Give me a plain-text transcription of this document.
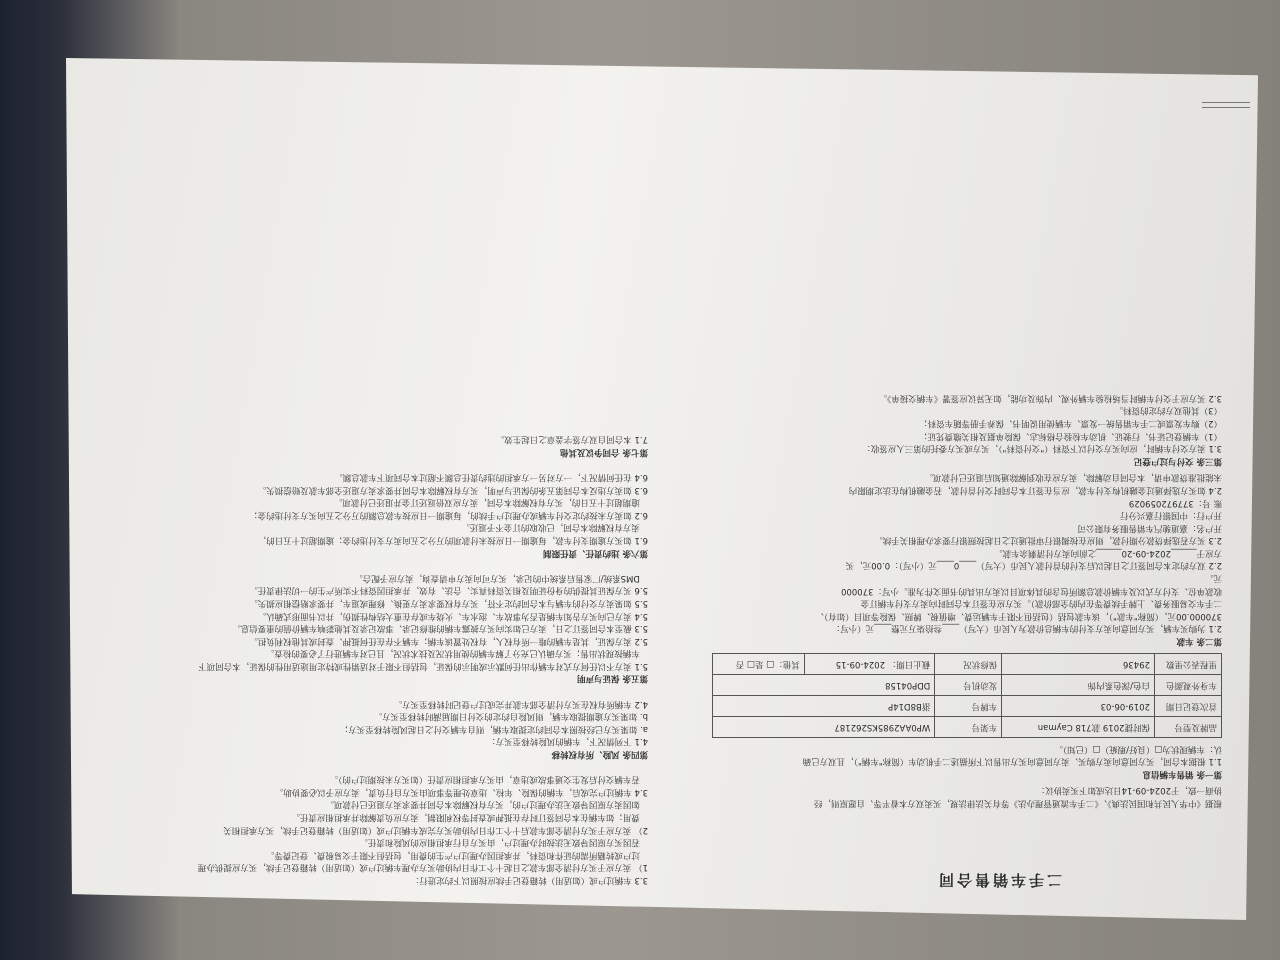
二手车销售合同

根据《中华人民共和国民法典》、《二手车流通管理办法》等有关法律法规，买卖双方本着平等、自愿原则，经
协商一致，于2024-09-14日达成如下买卖协议：
第一条 销售车辆信息
1.1 根据本合同，买方同意向卖方购买、卖方同意向买方出售以下所描述二手机动车（简称"车辆"），且双方已确
认：车辆现状为□（良好/瑕疵）□（已知）。
品牌及型号	保时捷2019 款718 Cayman	车架号	WP0AA2985KS262187	
首次登记日期	2019-06-03	车牌号	浙B8D14P	
车身外观颜色	白色/深色系内饰	发动机号	DDP04158	
里程表公里数	29436	保修状况	截止日期： 2024-09-15	其他：□ 是□ 否
第二条 车款
2.1 为购买车辆，买方同意向卖方支付的车辆总价款为人民币（大写）____叁拾柒万元整____元（小写：
370000.00元，（简称"车款"），该车款包括（包括但不限于车辆运费、增值税、牌照、保险等项目（如有）、
二手车交易服务费、上牌手续费等在内的全部价款）。买方应在签订本合同时向卖方支付车辆订金
收款单位、支付方式以及车辆价款总额所包含的具体项目以卖方出具的书面文件为准。小写：370000
元。
2.2 双方约定本合同签订之日起以后支付的首付款人民币（大写）____0____元（小写）：0.00元，买
方应于______2024-09-20______之前向卖方付清剩余车款。
2.3 买方若选择贷款分期付款，则应在按揭银行审批通过之日起按照银行要求办理相关手续。
开户名：嘉道驰汽车销售服务有限公司
开户行：中国银行嘉兴分行
账 号：377972059029
2.4 如买方选择通过金融机构支付车款，应当在签订本合同时交付首付款，若金融机构在法定期限内
未能批准贷款申请，本合同自动解除，卖方应在收到解除通知后退还已付款项。
第三条 交付与过户登记
3.1 卖方交付车辆时，应向买方交付以下资料（"交付资料"），买方或买方委托的第三人应签收：
（1）车辆登记证书、行驶证、机动车检验合格标志、保险单据及相关缴费凭证；
（2）购车发票或二手车销售统一发票、车辆使用说明书、保养手册等随车资料；
（3）其他双方约定的资料。
3.2 买方应于交付车辆时当场检验车辆外观、内饰及功能，如无异议应签署《车辆交接单》。
3.3 车辆过户或（如适用）转籍登记手续应按照以下约定进行：
1） 卖方应于买方付清全部车款之日起十个工作日内协助买方办理车辆过户或（如适用）转籍登记手续，买方应提供办理
过户或转籍所需的证件和资料，并承担因办理过户产生的费用，包括但不限于交易税费、登记费等。
若因买方原因导致无法按时办理过户，由买方自行承担相应的风险和责任。
2） 卖方应于买方付清全部车款后十个工作日内协助买方完成车辆过户或（如适用）转籍登记手续，买方承担相关
费用；如车辆在本合同签订时存在抵押或查封等权利限制，卖方应负责解除并承担相应责任。
如因卖方原因导致无法办理过户的，买方有权解除本合同并要求卖方退还已付款项。
3.4 车辆过户完成后，车辆的保险、年检、违章处理等事项由买方自行负责，卖方应予以必要协助。
若车辆交付后发生交通事故或违章，由买方承担相应责任（如买方未按期过户的）。
第四条 风险、所有权转移
4.1 下列情况下，车辆的风险转移至买方：
a. 如果买方已经按照本合同约定提取车辆，则自车辆交付之日起风险转移至买方；
b. 如果买方逾期提取车辆，则风险自约定的交付日期届满时转移至买方。
4.2 车辆所有权在买方付清全部车款并完成过户登记时转移至买方。
第五条 保证与声明
5.1 卖方不以任何方式对车辆作出任何默示或明示的保证，包括但不限于对适销性或特定用途适用性的保证，本合同项下
车辆按现状出售；买方确认已充分了解车辆的使用状况及技术状况，且已对车辆进行了必要的检查。
5.2 卖方保证，其是车辆的唯一所有权人，有权处置该车辆；车辆不存在任何抵押、查封或其他权利负担。
5.3 截至本合同签订之日，卖方已如实向买方披露车辆的维修记录、事故记录及其他影响车辆价值的重要信息。
5.4 卖方已向买方告知车辆是否为事故车、泡水车、火烧车或存在重大结构性损伤，并以书面形式确认。
5.5 如果卖方交付的车辆与本合同约定不符，买方有权要求卖方更换、修理或退车，并要求赔偿相应损失。
5.6 买方保证其提供的身份证明及相关资料真实、合法、有效，并承担因资料不实所产生的一切法律责任。
DMS系统/厂家售后系统中的记录，买方可向卖方申请查询，卖方应予配合。
第六条 违约责任、责任限制
6.1 如买方逾期支付车款，每逾期一日应按未付款项的万分之五向卖方支付违约金；逾期超过十五日的，
卖方有权解除本合同，已收取的订金不予退还。
6.2 如卖方未按约定交付车辆或办理过户手续的，每逾期一日应按车款总额的万分之五向买方支付违约金；
逾期超过十五日的，买方有权解除本合同，卖方应双倍返还订金并退还已付款项。
6.3 如卖方违反本合同第五条的保证与声明，买方有权解除本合同并要求卖方退还全部车款及赔偿损失。
6.4 在任何情况下，一方对另一方承担的违约责任总额不超过本合同项下车款总额。
第七条 合同争议及其他
7.1 本合同自双方签字盖章之日起生效。
